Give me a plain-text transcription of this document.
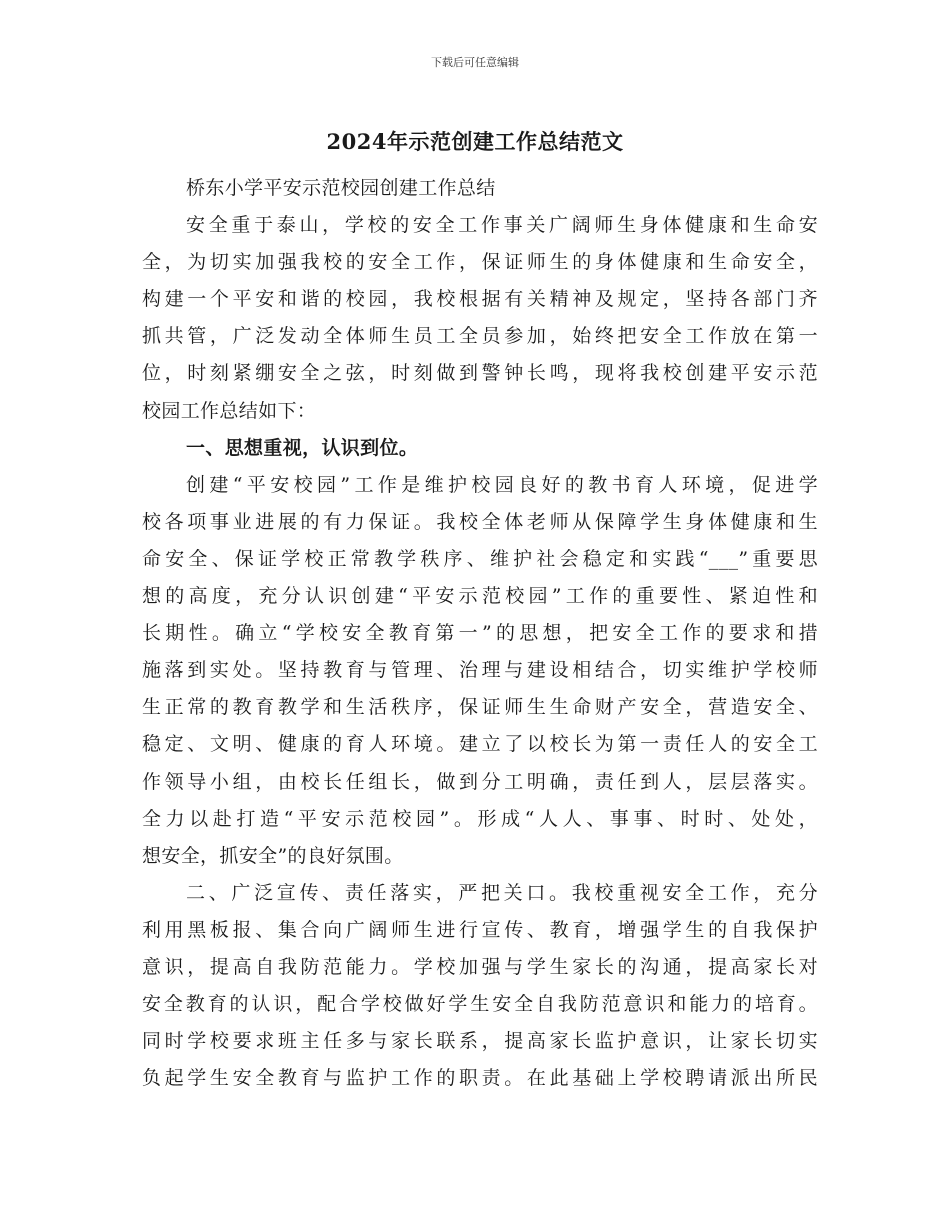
下载后可任意编辑
2024年示范创建工作总结范文
桥东小学平安示范校园创建工作总结
安全重于泰山，学校的安全工作事关广阔师生身体健康和生命安
全，为切实加强我校的安全工作，保证师生的身体健康和生命安全，
构建一个平安和谐的校园，我校根据有关精神及规定，坚持各部门齐
抓共管，广泛发动全体师生员工全员参加，始终把安全工作放在第一
位，时刻紧绷安全之弦，时刻做到警钟长鸣，现将我校创建平安示范
校园工作总结如下：
一、思想重视，认识到位。
创建“平安校园”工作是维护校园良好的教书育人环境，促进学
校各项事业进展的有力保证。我校全体老师从保障学生身体健康和生
命安全、保证学校正常教学秩序、维护社会稳定和实践“___”重要思
想的高度，充分认识创建“平安示范校园”工作的重要性、紧迫性和
长期性。确立“学校安全教育第一”的思想，把安全工作的要求和措
施落到实处。坚持教育与管理、治理与建设相结合，切实维护学校师
生正常的教育教学和生活秩序，保证师生生命财产安全，营造安全、
稳定、文明、健康的育人环境。建立了以校长为第一责任人的安全工
作领导小组，由校长任组长，做到分工明确，责任到人，层层落实。
全力以赴打造“平安示范校园”。形成“人人、事事、时时、处处，
想安全，抓安全”的良好氛围。
二、广泛宣传、责任落实，严把关口。我校重视安全工作，充分
利用黑板报、集合向广阔师生进行宣传、教育，增强学生的自我保护
意识，提高自我防范能力。学校加强与学生家长的沟通，提高家长对
安全教育的认识，配合学校做好学生安全自我防范意识和能力的培育。
同时学校要求班主任多与家长联系，提高家长监护意识，让家长切实
负起学生安全教育与监护工作的职责。在此基础上学校聘请派出所民
